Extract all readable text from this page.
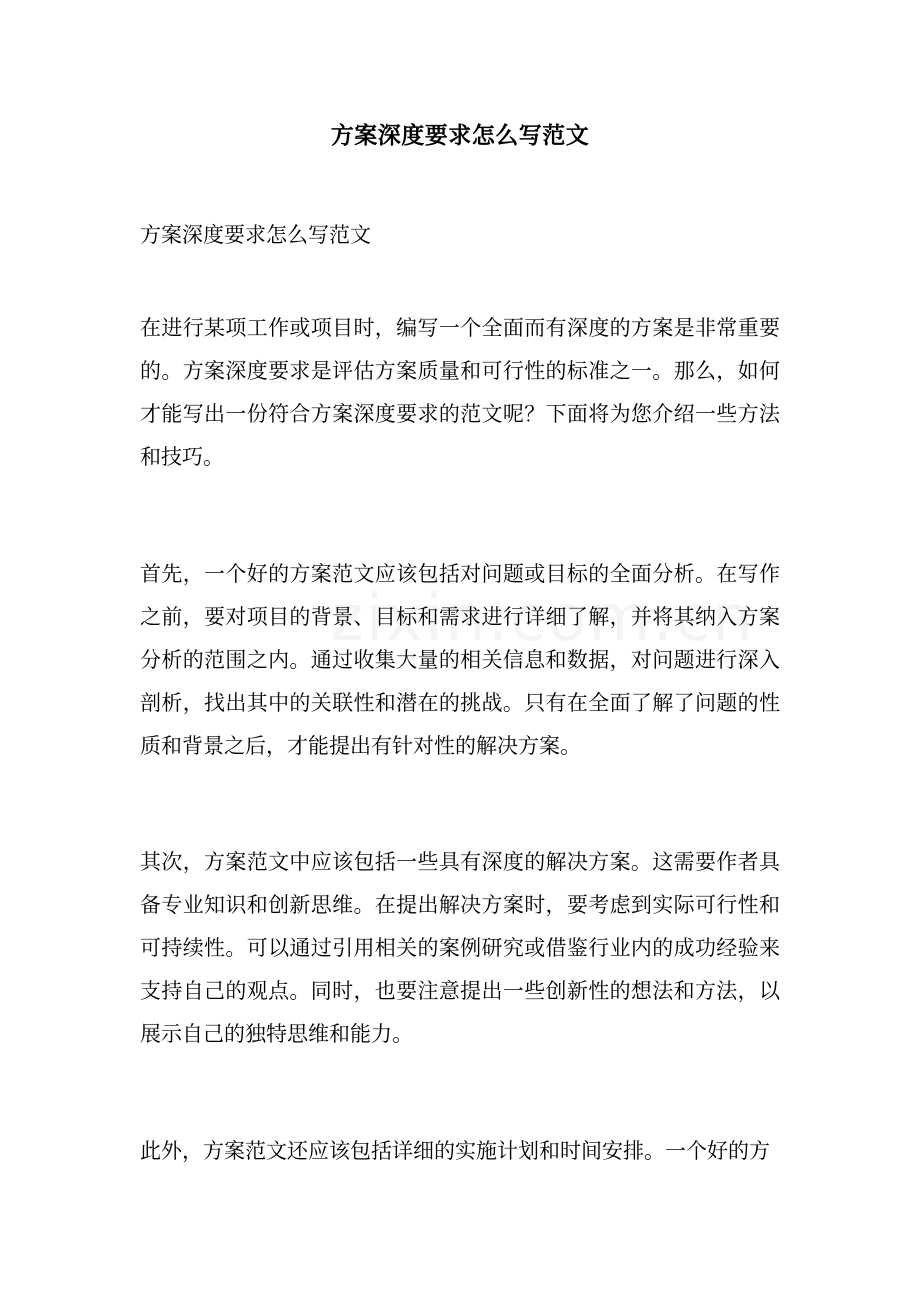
方案深度要求怎么写范文
方案深度要求怎么写范文

在进行某项工作或项目时，编写一个全面而有深度的方案是非常重要的。方案深度要求是评估方案质量和可行性的标准之一。那么，如何才能写出一份符合方案深度要求的范文呢？下面将为您介绍一些方法和技巧。

首先，一个好的方案范文应该包括对问题或目标的全面分析。在写作之前，要对项目的背景、目标和需求进行详细了解，并将其纳入方案分析的范围之内。通过收集大量的相关信息和数据，对问题进行深入剖析，找出其中的关联性和潜在的挑战。只有在全面了解了问题的性质和背景之后，才能提出有针对性的解决方案。

其次，方案范文中应该包括一些具有深度的解决方案。这需要作者具备专业知识和创新思维。在提出解决方案时，要考虑到实际可行性和可持续性。可以通过引用相关的案例研究或借鉴行业内的成功经验来支持自己的观点。同时，也要注意提出一些创新性的想法和方法，以展示自己的独特思维和能力。

此外，方案范文还应该包括详细的实施计划和时间安排。一个好的方
